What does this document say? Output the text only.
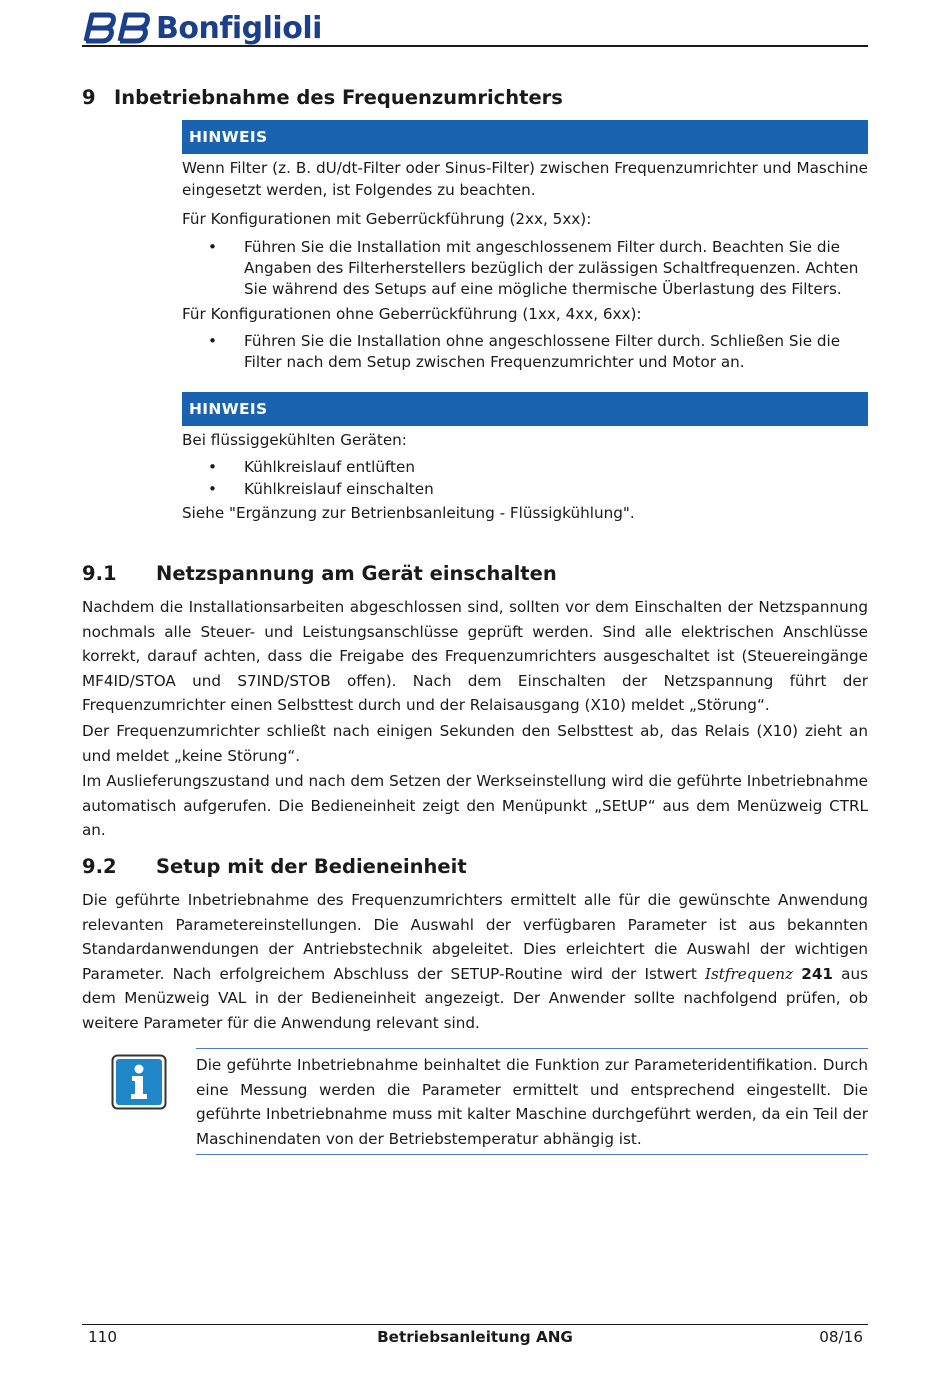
Bonfiglioli
9 Inbetriebnahme des Frequenzumrichters
HINWEIS

Wenn Filter (z. B. dU/dt-Filter oder Sinus-Filter) zwischen Frequenzumrichter und Maschine eingesetzt werden, ist Folgendes zu beachten.

Für Konfigurationen mit Geberrückführung (2xx, 5xx):

•	Führen Sie die Installation mit angeschlossenem Filter durch. Beachten Sie die Angaben des Filterherstellers bezüglich der zulässigen Schaltfrequenzen. Achten Sie während des Setups auf eine mögliche thermische Überlastung des Filters.

Für Konfigurationen ohne Geberrückführung (1xx, 4xx, 6xx):

•	Führen Sie die Installation ohne angeschlossene Filter durch. Schließen Sie die Filter nach dem Setup zwischen Frequenzumrichter und Motor an.
HINWEIS

Bei flüssiggekühlten Geräten:

•	Kühlkreislauf entlüften
•	Kühlkreislauf einschalten

Siehe "Ergänzung zur Betrienbsanleitung - Flüssigkühlung".

9.1 Netzspannung am Gerät einschalten

Nachdem die Installationsarbeiten abgeschlossen sind, sollten vor dem Einschalten der Netzspannung nochmals alle Steuer- und Leistungsanschlüsse geprüft werden. Sind alle elektrischen Anschlüsse korrekt, darauf achten, dass die Freigabe des Frequenzumrichters ausgeschaltet ist (Steuereingänge MF4ID/STOA und S7IND/STOB offen). Nach dem Einschalten der Netzspannung führt der Frequenzumrichter einen Selbsttest durch und der Relaisausgang (X10) meldet „Störung“.

Der Frequenzumrichter schließt nach einigen Sekunden den Selbsttest ab, das Relais (X10) zieht an und meldet „keine Störung“.

Im Auslieferungszustand und nach dem Setzen der Werkseinstellung wird die geführte Inbetriebnahme automatisch aufgerufen. Die Bedieneinheit zeigt den Menüpunkt „SEtUP“ aus dem Menüzweig CTRL an.

9.2 Setup mit der Bedieneinheit

Die geführte Inbetriebnahme des Frequenzumrichters ermittelt alle für die gewünschte Anwendung relevanten Parametereinstellungen. Die Auswahl der verfügbaren Parameter ist aus bekannten Standardanwendungen der Antriebstechnik abgeleitet. Dies erleichtert die Auswahl der wichtigen Parameter. Nach erfolgreichem Abschluss der SETUP-Routine wird der Istwert Istfrequenz 241 aus dem Menüzweig VAL in der Bedieneinheit angezeigt. Der Anwender sollte nachfolgend prüfen, ob weitere Parameter für die Anwendung relevant sind.

Die geführte Inbetriebnahme beinhaltet die Funktion zur Parameteridentifikation. Durch eine Messung werden die Parameter ermittelt und entsprechend eingestellt. Die geführte Inbetriebnahme muss mit kalter Maschine durchgeführt werden, da ein Teil der Maschinendaten von der Betriebstemperatur abhängig ist.

Betriebsanleitung ANG
110	08/16
